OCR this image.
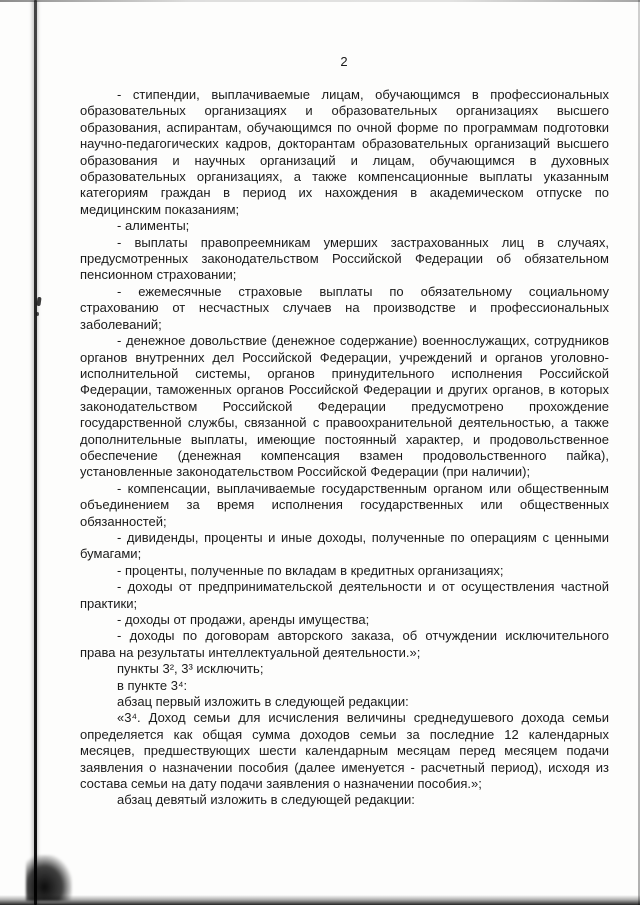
2

- стипендии, выплачиваемые лицам, обучающимся в профессиональных образовательных организациях и образовательных организациях высшего образования, аспирантам, обучающимся по очной форме по программам подготовки научно-педагогических кадров, докторантам образовательных организаций высшего образования и научных организаций и лицам, обучающимся в духовных образовательных организациях, а также компенсационные выплаты указанным категориям граждан в период их нахождения в академическом отпуске по медицинским показаниям;

- алименты;

- выплаты правопреемникам умерших застрахованных лиц в случаях, предусмотренных законодательством Российской Федерации об обязательном пенсионном страховании;

- ежемесячные страховые выплаты по обязательному социальному страхованию от несчастных случаев на производстве и профессиональных заболеваний;

- денежное довольствие (денежное содержание) военнослужащих, сотрудников органов внутренних дел Российской Федерации, учреждений и органов уголовно-исполнительной системы, органов принудительного исполнения Российской Федерации, таможенных органов Российской Федерации и других органов, в которых законодательством Российской Федерации предусмотрено прохождение государственной службы, связанной с правоохранительной деятельностью, а также дополнительные выплаты, имеющие постоянный характер, и продовольственное обеспечение (денежная компенсация взамен продовольственного пайка), установленные законодательством Российской Федерации (при наличии);

- компенсации, выплачиваемые государственным органом или общественным объединением за время исполнения государственных или общественных обязанностей;

- дивиденды, проценты и иные доходы, полученные по операциям с ценными бумагами;

- проценты, полученные по вкладам в кредитных организациях;

- доходы от предпринимательской деятельности и от осуществления частной практики;

- доходы от продажи, аренды имущества;

- доходы по договорам авторского заказа, об отчуждении исключительного права на результаты интеллектуальной деятельности.»;

пункты 3², 3³ исключить;

в пункте 3⁴:

абзац первый изложить в следующей редакции:

«3⁴. Доход семьи для исчисления величины среднедушевого дохода семьи определяется как общая сумма доходов семьи за последние 12 календарных месяцев, предшествующих шести календарным месяцам перед месяцем подачи заявления о назначении пособия (далее именуется - расчетный период), исходя из состава семьи на дату подачи заявления о назначении пособия.»;

абзац девятый изложить в следующей редакции:
